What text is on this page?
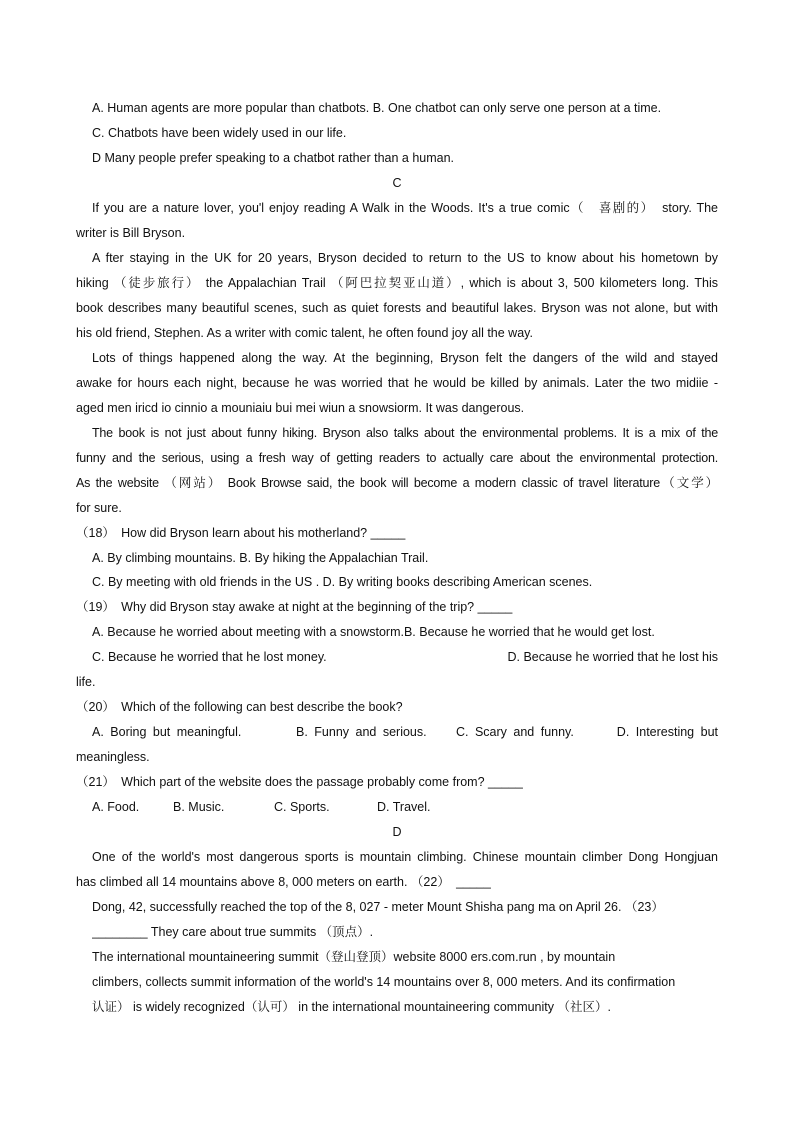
A. Human agents are more popular than chatbots. B. One chatbot can only serve one person at a time.
C. Chatbots have been widely used in our life.
D Many people prefer speaking to a chatbot rather than a human.
C
If you are a nature lover, you'l enjoy reading A Walk in the Woods. It's a true comic（　喜剧的）　story. The
writer is Bill Bryson.
A fter staying in the UK for 20 years, Bryson decided to return to the US to know about his hometown by
hiking （徒步旅行） the Appalachian Trail （阿巴拉契亚山道）, which is about 3, 500 kilometers long. This
book describes many beautiful scenes, such as quiet forests and beautiful lakes. Bryson was not alone, but with
his old friend, Stephen. As a writer with comic talent, he often found joy all the way.
Lots of things happened along the way. At the beginning, Bryson felt the dangers of the wild and stayed
awake for hours each night, because he was worried that he would be killed by animals. Later the two midiie -
aged men iricd io cinnio a mouniaiu bui mei wiun a snowsiorm. It was dangerous.
The book is not just about funny hiking. Bryson also talks about the environmental problems. It is a mix of the
funny and the serious, using a fresh way of getting readers to actually care about the environmental protection.
As the website （网站） Book Browse said, the book will become a modern classic of travel literature（文学）
for sure.
（18）　How did Bryson learn about his motherland? _____
A. By climbing mountains. B. By hiking the Appalachian Trail.
C. By meeting with old friends in the US . D. By writing books describing American scenes.
（19）　Why did Bryson stay awake at night at the beginning of the trip? _____
A. Because he worried about meeting with a snowstorm.B. Because he worried that he would get lost.
C. Because he worried that he lost money.	D. Because he worried that he lost his
life.
（20）　Which of the following can best describe the book?
A. Boring but meaningful.	B. Funny and serious.	C. Scary and funny.	D. Interesting but
meaningless.
（21）　Which part of the website does the passage probably come from? _____
A. Food.	B. Music.	C. Sports.	D. Travel.
D
One of the world's most dangerous sports is mountain climbing. Chinese mountain climber Dong Hongjuan
has climbed all 14 mountains above 8, 000 meters on earth. （22）　_____
Dong, 42, successfully reached the top of the 8, 027 - meter Mount Shisha pang ma on April 26. （23）
________ They care about true summits （顶点）.
The international mountaineering summit（登山登顶）website 8000 ers.com.run , by mountain
climbers, collects summit information of the world's 14 mountains over 8, 000 meters. And its confirmation
认证） is widely recognized（认可） in the international mountaineering community （社区）.
